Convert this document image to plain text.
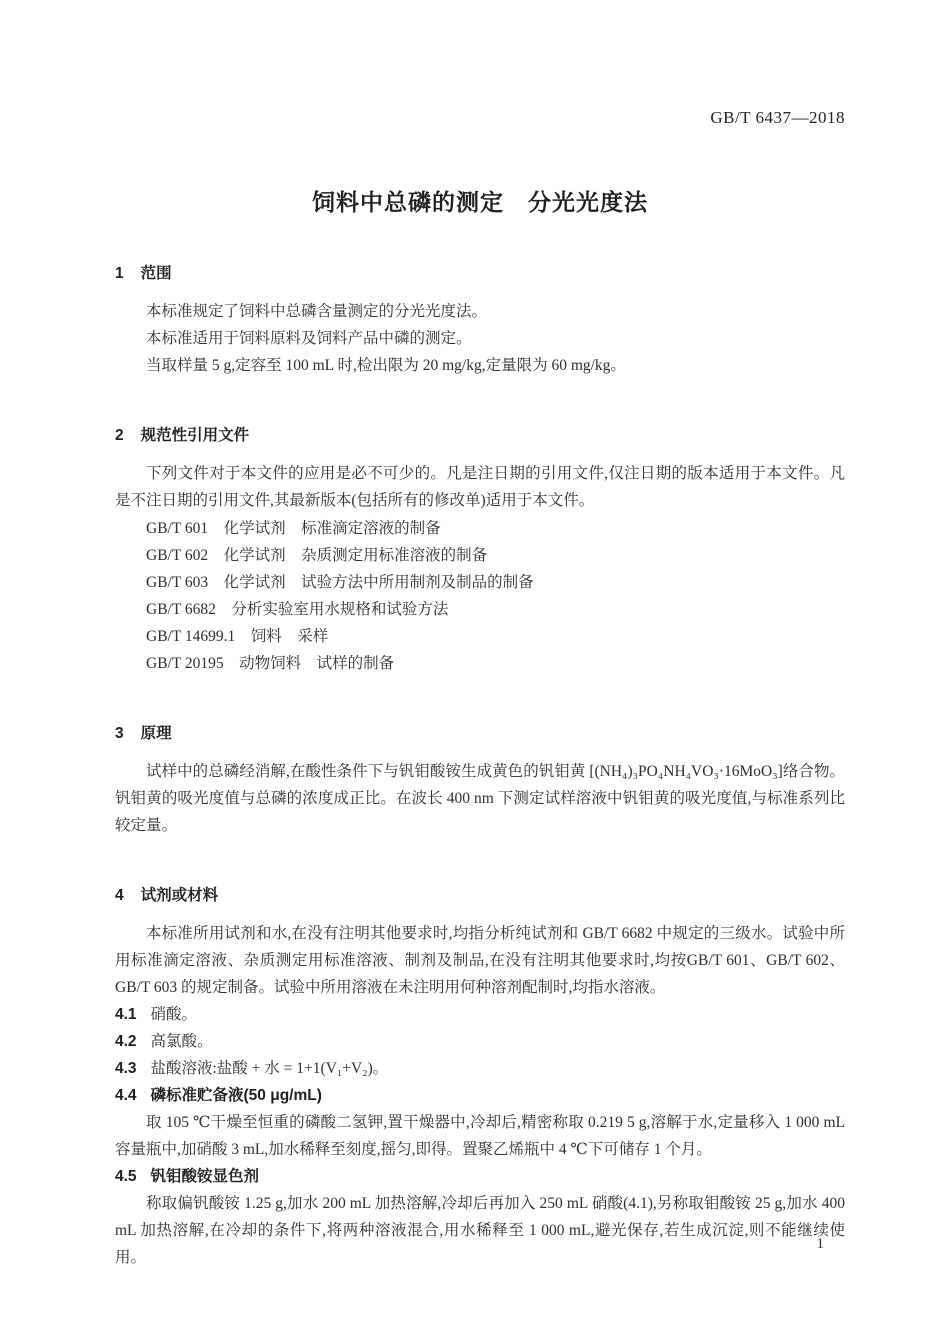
GB/T 6437—2018
饲料中总磷的测定　分光光度法
1 范围

本标准规定了饲料中总磷含量测定的分光光度法。

本标准适用于饲料原料及饲料产品中磷的测定。

当取样量 5 g,定容至 100 mL 时,检出限为 20 mg/kg,定量限为 60 mg/kg。

2 规范性引用文件

下列文件对于本文件的应用是必不可少的。凡是注日期的引用文件,仅注日期的版本适用于本文件。凡是不注日期的引用文件,其最新版本(包括所有的修改单)适用于本文件。

GB/T 601　化学试剂　标准滴定溶液的制备
GB/T 602　化学试剂　杂质测定用标准溶液的制备
GB/T 603　化学试剂　试验方法中所用制剂及制品的制备
GB/T 6682　分析实验室用水规格和试验方法
GB/T 14699.1　饲料　采样
GB/T 20195　动物饲料　试样的制备
3 原理

试样中的总磷经消解,在酸性条件下与钒钼酸铵生成黄色的钒钼黄 [(NH₄)₃PO₄NH₄VO₃·16MoO₃]络合物。钒钼黄的吸光度值与总磷的浓度成正比。在波长 400 nm 下测定试样溶液中钒钼黄的吸光度值,与标准系列比较定量。

4 试剂或材料

本标准所用试剂和水,在没有注明其他要求时,均指分析纯试剂和 GB/T 6682 中规定的三级水。试验中所用标准滴定溶液、杂质测定用标准溶液、制剂及制品,在没有注明其他要求时,均按GB/T 601、GB/T 602、GB/T 603 的规定制备。试验中所用溶液在未注明用何种溶剂配制时,均指水溶液。

4.1 硝酸。
4.2 高氯酸。
4.3 盐酸溶液:盐酸 + 水 = 1+1(V₁+V₂)。
4.4 磷标准贮备液(50 μg/mL)

取 105 ℃干燥至恒重的磷酸二氢钾,置干燥器中,冷却后,精密称取 0.219 5 g,溶解于水,定量移入 1 000 mL 容量瓶中,加硝酸 3 mL,加水稀释至刻度,摇匀,即得。置聚乙烯瓶中 4 ℃下可储存 1 个月。

4.5 钒钼酸铵显色剂

称取偏钒酸铵 1.25 g,加水 200 mL 加热溶解,冷却后再加入 250 mL 硝酸(4.1),另称取钼酸铵 25 g,加水 400 mL 加热溶解,在冷却的条件下,将两种溶液混合,用水稀释至 1 000 mL,避光保存,若生成沉淀,则不能继续使用。

1
